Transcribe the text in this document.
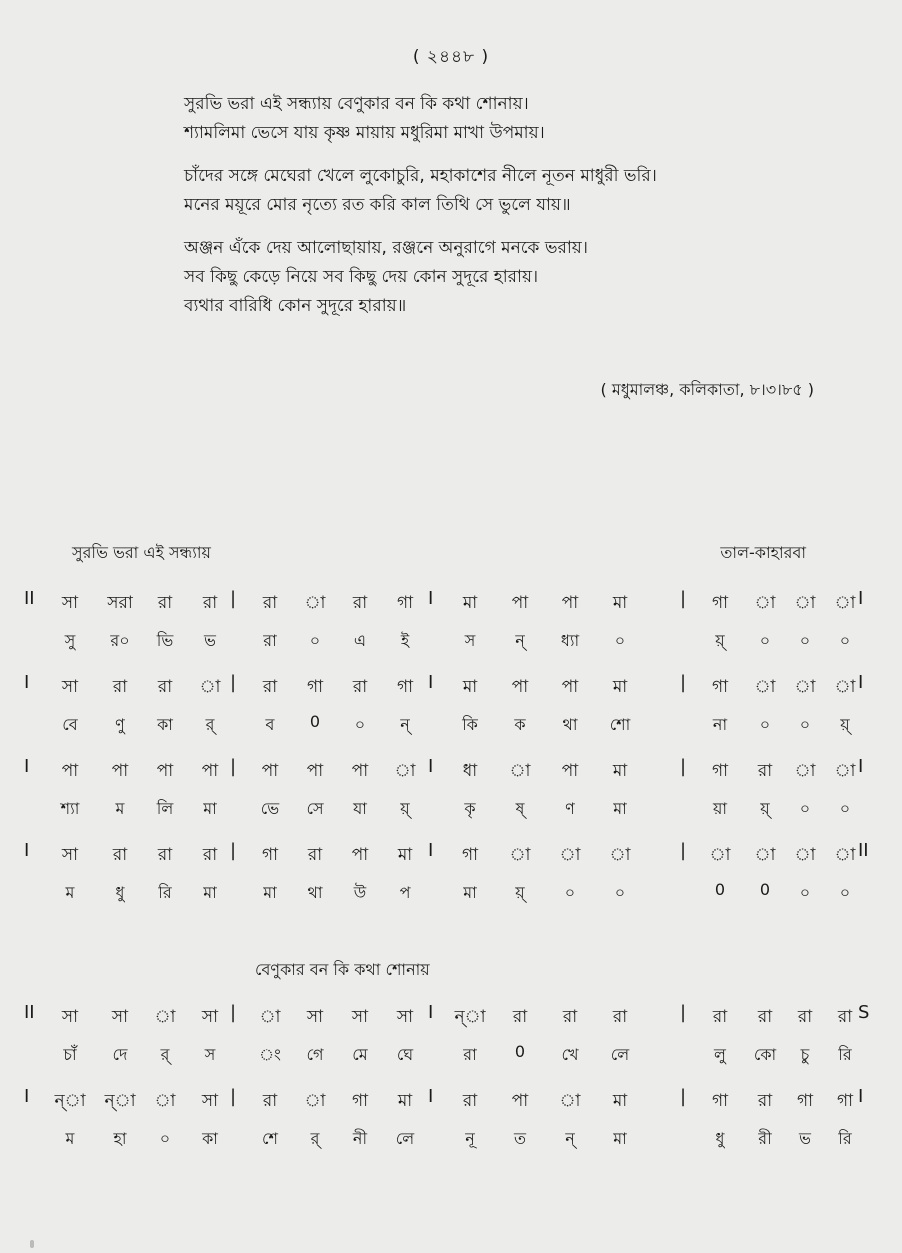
( ২৪৪৮ )
সুরভি ভরা এই সন্ধ্যায় বেণুকার বন কি কথা শোনায়।
শ্যামলিমা ভেসে যায় কৃষ্ণ মায়ায় মধুরিমা মাখা উপমায়।
চাঁদের সঙ্গে মেঘেরা খেলে লুকোচুরি, মহাকাশের নীলে নূতন মাধুরী ভরি।
মনের ময়ূরে মোর নৃত্যে রত করি কাল তিথি সে ভুলে যায়॥
অঞ্জন এঁকে দেয় আলোছায়ায়, রঞ্জনে অনুরাগে মনকে ভরায়।
সব কিছু কেড়ে নিয়ে সব কিছু দেয় কোন সুদূরে হারায়।
ব্যথার বারিধি কোন সুদূরে হারায়॥
( মধুমালঞ্চ, কলিকাতা, ৮।৩।৮৫ )
সুরভি ভরা এই সন্ধ্যায়	তাল-কাহারবা
II	সা	সরা	রা	রা	রা	া	রা	গা	মা	পা	পা	মা	গা	া	া	া
|	I	|	I
সু	র০	ভি	ভ	রা	০	এ	ই	স	ন্	ধ্যা	০	য়্	০	০	০
I	সা	রা	রা	া	রা	গা	রা	গা	মা	পা	পা	মা	গা	া	া	া
|	I	|	I
বে	ণু	কা	র্	ব	0	০	ন্	কি	ক	থা	শো	না	০	০	য়্
I	পা	পা	পা	পা	পা	পা	পা	া	ধা	া	পা	মা	গা	রা	া	া
|	I	|	I
শ্যা	ম	লি	মা	ভে	সে	যা	য়্	কৃ	ষ্	ণ	মা	য়া	য়্	০	০
I	সা	রা	রা	রা	গা	রা	পা	মা	গা	া	া	া	া	া	া	া
|	I	|	II
ম	ধু	রি	মা	মা	থা	উ	প	মা	য়্	০	০	0	0	০	০
বেণুকার বন কি কথা শোনায়
II	সা	সা	া	সা	া	সা	সা	সা	ন্া	রা	রা	রা	রা	রা	রা	রা
|	I	|	S
চাঁ	দে	র্	স	ং	গে	মে	ঘে	রা	0	খে	লে	লু	কো	চু	রি
I ন্া ন্া	া	সা	রা	া	গা	মা	রা	পা	া	মা	গা	রা	গা	গা
|	I	|	I
ম	হা	০	কা	শে	র্	নী	লে	নূ	ত	ন্	মা	ধু	রী	ভ	রি
